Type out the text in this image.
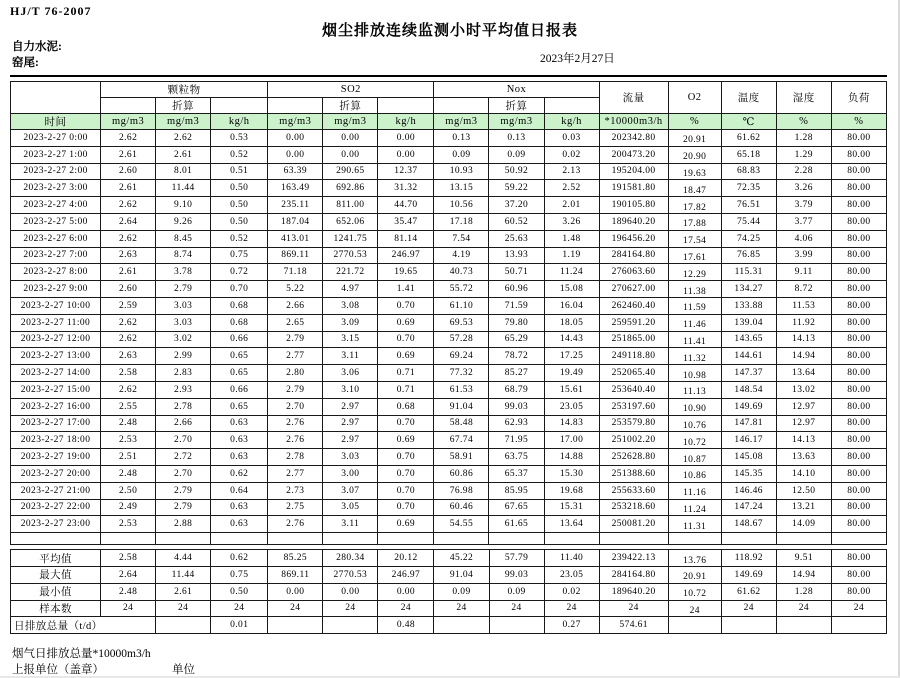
HJ/T 76-2007
烟尘排放连续监测小时平均值日报表
自力水泥:
窑尾:	2023年2月27日
	颗粒物			SO2			Nox			流量	O2	温度	湿度	负荷
		折算			折算			折算						
时间	mg/m3	mg/m3	kg/h	mg/m3	mg/m3	kg/h	mg/m3	mg/m3	kg/h	*10000m3/h	%	℃	%	%
2023-2-27 0:00	2.62	2.62	0.53	0.00	0.00	0.00	0.13	0.13	0.03	202342.80	20.91	61.62	1.28	80.00
2023-2-27 1:00	2.61	2.61	0.52	0.00	0.00	0.00	0.09	0.09	0.02	200473.20	20.90	65.18	1.29	80.00
2023-2-27 2:00	2.60	8.01	0.51	63.39	290.65	12.37	10.93	50.92	2.13	195204.00	19.63	68.83	2.28	80.00
2023-2-27 3:00	2.61	11.44	0.50	163.49	692.86	31.32	13.15	59.22	2.52	191581.80	18.47	72.35	3.26	80.00
2023-2-27 4:00	2.62	9.10	0.50	235.11	811.00	44.70	10.56	37.20	2.01	190105.80	17.82	76.51	3.79	80.00
2023-2-27 5:00	2.64	9.26	0.50	187.04	652.06	35.47	17.18	60.52	3.26	189640.20	17.88	75.44	3.77	80.00
2023-2-27 6:00	2.62	8.45	0.52	413.01	1241.75	81.14	7.54	25.63	1.48	196456.20	17.54	74.25	4.06	80.00
2023-2-27 7:00	2.63	8.74	0.75	869.11	2770.53	246.97	4.19	13.93	1.19	284164.80	17.61	76.85	3.99	80.00
2023-2-27 8:00	2.61	3.78	0.72	71.18	221.72	19.65	40.73	50.71	11.24	276063.60	12.29	115.31	9.11	80.00
2023-2-27 9:00	2.60	2.79	0.70	5.22	4.97	1.41	55.72	60.96	15.08	270627.00	11.38	134.27	8.72	80.00
2023-2-27 10:00	2.59	3.03	0.68	2.66	3.08	0.70	61.10	71.59	16.04	262460.40	11.59	133.88	11.53	80.00
2023-2-27 11:00	2.62	3.03	0.68	2.65	3.09	0.69	69.53	79.80	18.05	259591.20	11.46	139.04	11.92	80.00
2023-2-27 12:00	2.62	3.02	0.66	2.79	3.15	0.70	57.28	65.29	14.43	251865.00	11.41	143.65	14.13	80.00
2023-2-27 13:00	2.63	2.99	0.65	2.77	3.11	0.69	69.24	78.72	17.25	249118.80	11.32	144.61	14.94	80.00
2023-2-27 14:00	2.58	2.83	0.65	2.80	3.06	0.71	77.32	85.27	19.49	252065.40	10.98	147.37	13.64	80.00
2023-2-27 15:00	2.62	2.93	0.66	2.79	3.10	0.71	61.53	68.79	15.61	253640.40	11.13	148.54	13.02	80.00
2023-2-27 16:00	2.55	2.78	0.65	2.70	2.97	0.68	91.04	99.03	23.05	253197.60	10.90	149.69	12.97	80.00
2023-2-27 17:00	2.48	2.66	0.63	2.76	2.97	0.70	58.48	62.93	14.83	253579.80	10.76	147.81	12.97	80.00
2023-2-27 18:00	2.53	2.70	0.63	2.76	2.97	0.69	67.74	71.95	17.00	251002.20	10.72	146.17	14.13	80.00
2023-2-27 19:00	2.51	2.72	0.63	2.78	3.03	0.70	58.91	63.75	14.88	252628.80	10.87	145.08	13.63	80.00
2023-2-27 20:00	2.48	2.70	0.62	2.77	3.00	0.70	60.86	65.37	15.30	251388.60	10.86	145.35	14.10	80.00
2023-2-27 21:00	2.50	2.79	0.64	2.73	3.07	0.70	76.98	85.95	19.68	255633.60	11.16	146.46	12.50	80.00
2023-2-27 22:00	2.49	2.79	0.63	2.75	3.05	0.70	60.46	67.65	15.31	253218.60	11.24	147.24	13.21	80.00
2023-2-27 23:00	2.53	2.88	0.63	2.76	3.11	0.69	54.55	61.65	13.64	250081.20	11.31	148.67	14.09	80.00

平均值	2.58	4.44	0.62	85.25	280.34	20.12	45.22	57.79	11.40	239422.13	13.76	118.92	9.51	80.00
最大值	2.64	11.44	0.75	869.11	2770.53	246.97	91.04	99.03	23.05	284164.80	20.91	149.69	14.94	80.00
最小值	2.48	2.61	0.50	0.00	0.00	0.00	0.09	0.09	0.02	189640.20	10.72	61.62	1.28	80.00
样本数	24	24	24	24	24	24	24	24	24	24	24	24	24	24
日排放总量（t/d）			0.01			0.48			0.27	574.61				
烟气日排放总量*10000m3/h
上报单位（盖章）	单位
